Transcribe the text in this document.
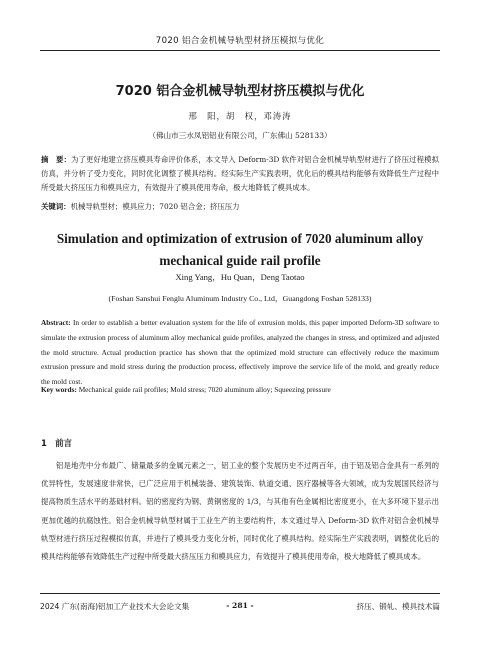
7020 铝合金机械导轨型材挤压模拟与优化
7020 铝合金机械导轨型材挤压模拟与优化
邢　阳，胡　权，邓涛涛
（佛山市三水凤铝铝业有限公司，广东佛山 528133）
摘　要：为了更好地建立挤压模具寿命评价体系，本文导入 Deform-3D 软件对铝合金机械导轨型材进行了挤压过程模拟仿真，并分析了受力变化，同时优化调整了模具结构。经实际生产实践表明，优化后的模具结构能够有效降低生产过程中所受最大挤压压力和模具应力，有效提升了模具使用寿命，极大地降低了模具成本。
关键词：机械导轨型材；模具应力；7020 铝合金；挤压压力
Simulation and optimization of extrusion of 7020 aluminum alloy
mechanical guide rail profile
Xing Yang，Hu Quan，Deng Taotao
(Foshan Sanshui Fenglu Aluminum Industry Co., Ltd，Guangdong Foshan 528133)
Abstract: In order to establish a better evaluation system for the life of extrusion molds, this paper imported Deform-3D software to simulate the extrusion process of aluminum alloy mechanical guide profiles, analyzed the changes in stress, and optimized and adjusted the mold structure. Actual production practice has shown that the optimized mold structure can effectively reduce the maximum extrusion pressure and mold stress during the production process, effectively improve the service life of the mold, and greatly reduce the mold cost.
Key words: Mechanical guide rail profiles; Mold stress; 7020 aluminum alloy; Squeezing pressure
1　前言
铝是地壳中分布最广、储量最多的金属元素之一，铝工业的整个发展历史不过两百年，由于铝及铝合金具有一系列的优异特性，发展速度非常快，已广泛应用于机械装备、建筑装饰、轨道交通、医疗器械等各大领域，成为发展国民经济与提高物质生活水平的基础材料。铝的密度约为钢、黄铜密度的 1/3，与其他有色金属相比密度更小，在大多环境下显示出更加优越的抗腐蚀性。铝合金机械导轨型材属于工业生产的主要结构件，本文通过导入 Deform-3D 软件对铝合金机械导轨型材进行挤压过程模拟仿真，并进行了模具受力变化分析，同时优化了模具结构。经实际生产实践表明，调整优化后的模具结构能够有效降低生产过程中所受最大挤压压力和模具应力，有效提升了模具使用寿命，极大地降低了模具成本。
2024 广东(南海)铝加工产业技术大会论文集	- 281 -	挤压、锻轧、模具技术篇
